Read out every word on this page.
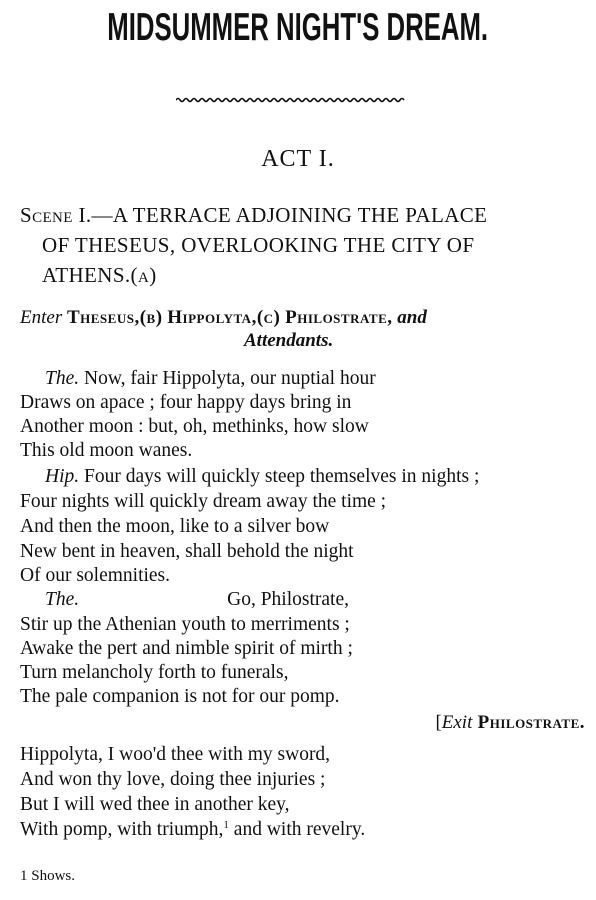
MIDSUMMER NIGHT'S DREAM.
ACT I.
Scene I.—A TERRACE ADJOINING THE PALACE
OF THESEUS, OVERLOOKING THE CITY OF
ATHENS.(a)
Enter Theseus,(b) Hippolyta,(c) Philostrate, and
Attendants.
The. Now, fair Hippolyta, our nuptial hour
Draws on apace ; four happy days bring in
Another moon : but, oh, methinks, how slow
This old moon wanes.
Hip. Four days will quickly steep themselves in nights ;
Four nights will quickly dream away the time ;
And then the moon, like to a silver bow
New bent in heaven, shall behold the night
Of our solemnities.
The.	Go, Philostrate,
Stir up the Athenian youth to merriments ;
Awake the pert and nimble spirit of mirth ;
Turn melancholy forth to funerals,
The pale companion is not for our pomp.
[Exit Philostrate.
Hippolyta, I woo'd thee with my sword,
And won thy love, doing thee injuries ;
But I will wed thee in another key,
With pomp, with triumph,$^1$ and with revelry.
1 Shows.
